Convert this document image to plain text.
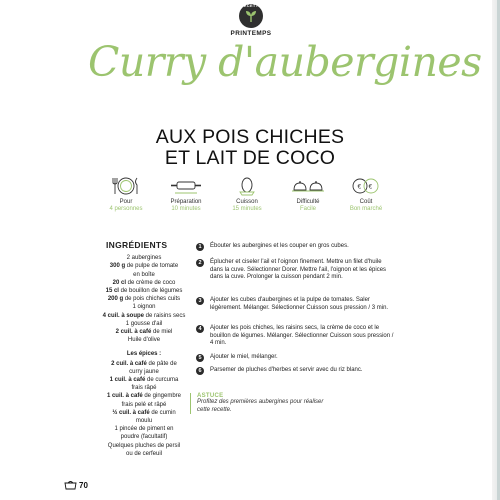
RECETTE
PRINTEMPS
Curry d'aubergines
AUX POIS CHICHES
ET LAIT DE COCO
Pour
4 personnes
Préparation
10 minutes
Cuisson
15 minutes
Difficulté
Facile
€ €
Coût
Bon marché
INGRÉDIENTS
2 aubergines
300 g de pulpe de tomate
en boîte
20 cl de crème de coco
15 cl de bouillon de légumes
200 g de pois chiches cuits
1 oignon
4 cuil. à soupe de raisins secs
1 gousse d'ail
2 cuil. à café de miel
Huile d'olive
Les épices :
2 cuil. à café de pâte de
curry jaune
1 cuil. à café de curcuma
frais râpé
1 cuil. à café de gingembre
frais pelé et râpé
½ cuil. à café de cumin
moulu
1 pincée de piment en
poudre (facultatif)
Quelques pluches de persil
ou de cerfeuil
1	Ébouter les aubergines et les couper en gros cubes.
2	Éplucher et ciseler l'ail et l'oignon finement. Mettre un filet d'huile dans la cuve. Sélectionner Dorer. Mettre l'ail, l'oignon et les épices dans la cuve. Prolonger la cuisson pendant 2 min.
3	Ajouter les cubes d'aubergines et la pulpe de tomates. Saler légèrement. Mélanger. Sélectionner Cuisson sous pression / 3 min.
4	Ajouter les pois chiches, les raisins secs, la crème de coco et le bouillon de légumes. Mélanger. Sélectionner Cuisson sous pression / 4 min.
5	Ajouter le miel, mélanger.
6	Parsemer de pluches d'herbes et servir avec du riz blanc.
ASTUCE
Profitez des premières aubergines pour réaliser cette recette.
70
